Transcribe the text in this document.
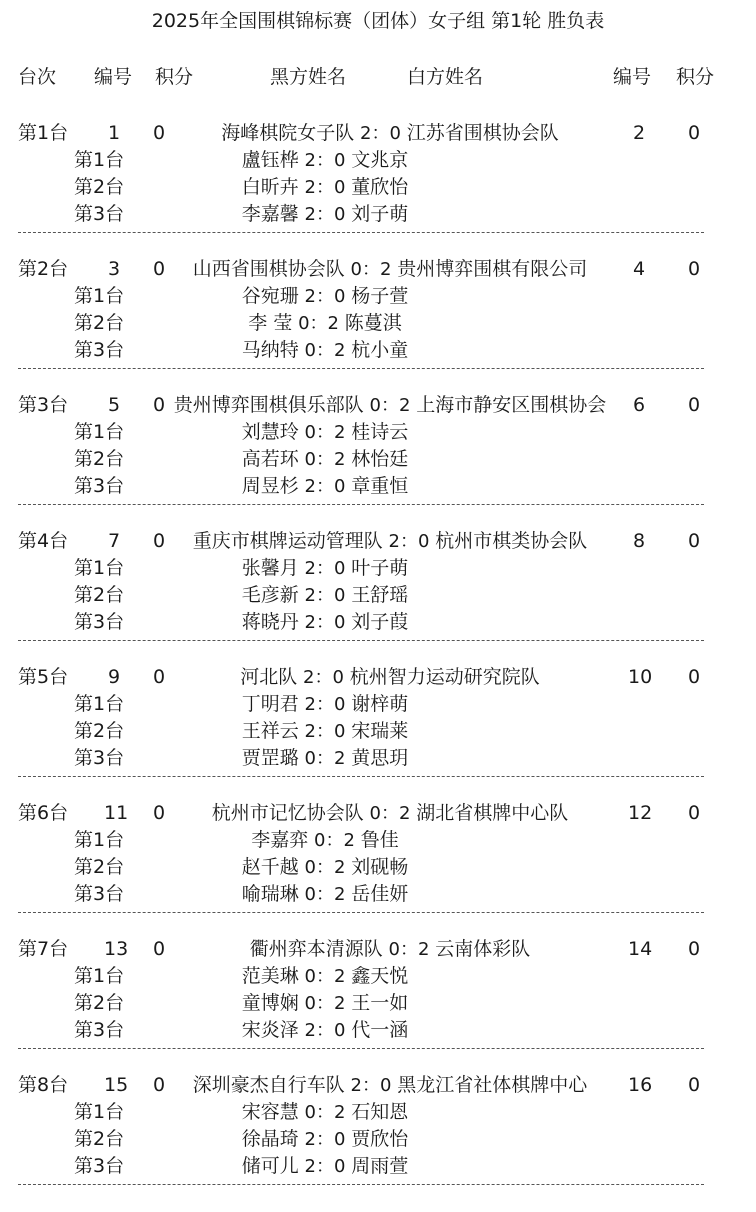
2025年全国围棋锦标赛（团体）女子组 第1轮 胜负表
台次 编号 积分	黑方姓名	白方姓名	编号 积分
第1台 1 0	海峰棋院女子队 2：0 江苏省围棋协会队	2 0
第1台	盧钰桦 2：0 文兆京
第2台	白昕卉 2：0 董欣怡
第3台	李嘉馨 2：0 刘子萌
第2台 3 0	山西省围棋协会队 0：2 贵州博弈围棋有限公司	4 0
第1台	谷宛珊 2：0 杨子萱
第2台	李 莹 0：2 陈蔓淇
第3台	马纳特 0：2 杭小童
第3台 5 0 贵州博弈围棋俱乐部队 0：2 上海市静安区围棋协会	6 0
第1台	刘慧玲 0：2 桂诗云
第2台	高若环 0：2 林怡廷
第3台	周昱杉 2：0 章重恒
第4台 7 0	重庆市棋牌运动管理队 2：0 杭州市棋类协会队	8 0
第1台	张馨月 2：0 叶子萌
第2台	毛彦新 2：0 王舒瑶
第3台	蒋晓丹 2：0 刘子葭
第5台 9 0	河北队 2：0 杭州智力运动研究院队	10 0
第1台	丁明君 2：0 谢梓萌
第2台	王祥云 2：0 宋瑞莱
第3台	贾罡璐 0：2 黄思玥
第6台 11 0	杭州市记忆协会队 0：2 湖北省棋牌中心队	12 0
第1台	李嘉弈 0：2 鲁佳
第2台	赵千越 0：2 刘砚畅
第3台	喻瑞琳 0：2 岳佳妍
第7台 13 0	衢州弈本清源队 0：2 云南体彩队	14 0
第1台	范美琳 0：2 鑫天悦
第2台	童博娴 0：2 王一如
第3台	宋炎泽 2：0 代一涵
第8台 15 0	深圳豪杰自行车队 2：0 黑龙江省社体棋牌中心	16 0
第1台	宋容慧 0：2 石知恩
第2台	徐晶琦 2：0 贾欣怡
第3台	储可儿 2：0 周雨萱
